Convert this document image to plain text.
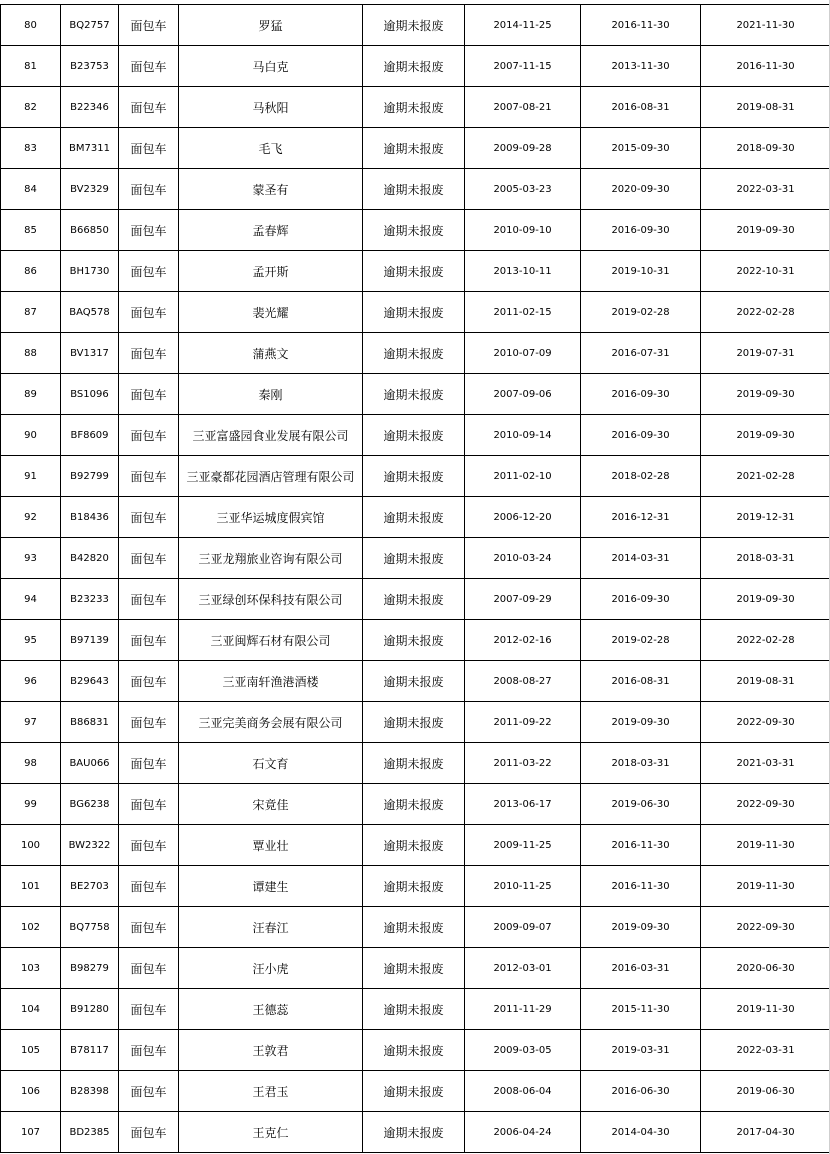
80	BQ2757	面包车	罗猛	逾期未报废	2014-11-25	2016-11-30	2021-11-30
81	B23753	面包车	马白克	逾期未报废	2007-11-15	2013-11-30	2016-11-30
82	B22346	面包车	马秋阳	逾期未报废	2007-08-21	2016-08-31	2019-08-31
83	BM7311	面包车	毛飞	逾期未报废	2009-09-28	2015-09-30	2018-09-30
84	BV2329	面包车	蒙圣有	逾期未报废	2005-03-23	2020-09-30	2022-03-31
85	B66850	面包车	孟春辉	逾期未报废	2010-09-10	2016-09-30	2019-09-30
86	BH1730	面包车	孟开斯	逾期未报废	2013-10-11	2019-10-31	2022-10-31
87	BAQ578	面包车	裴光耀	逾期未报废	2011-02-15	2019-02-28	2022-02-28
88	BV1317	面包车	蒲燕文	逾期未报废	2010-07-09	2016-07-31	2019-07-31
89	BS1096	面包车	秦刚	逾期未报废	2007-09-06	2016-09-30	2019-09-30
90	BF8609	面包车	三亚富盛园食业发展有限公司	逾期未报废	2010-09-14	2016-09-30	2019-09-30
91	B92799	面包车	三亚豪都花园酒店管理有限公司	逾期未报废	2011-02-10	2018-02-28	2021-02-28
92	B18436	面包车	三亚华运城度假宾馆	逾期未报废	2006-12-20	2016-12-31	2019-12-31
93	B42820	面包车	三亚龙翔旅业咨询有限公司	逾期未报废	2010-03-24	2014-03-31	2018-03-31
94	B23233	面包车	三亚绿创环保科技有限公司	逾期未报废	2007-09-29	2016-09-30	2019-09-30
95	B97139	面包车	三亚闽辉石材有限公司	逾期未报废	2012-02-16	2019-02-28	2022-02-28
96	B29643	面包车	三亚南轩渔港酒楼	逾期未报废	2008-08-27	2016-08-31	2019-08-31
97	B86831	面包车	三亚完美商务会展有限公司	逾期未报废	2011-09-22	2019-09-30	2022-09-30
98	BAU066	面包车	石文育	逾期未报废	2011-03-22	2018-03-31	2021-03-31
99	BG6238	面包车	宋竟佳	逾期未报废	2013-06-17	2019-06-30	2022-09-30
100	BW2322	面包车	覃业壮	逾期未报废	2009-11-25	2016-11-30	2019-11-30
101	BE2703	面包车	谭建生	逾期未报废	2010-11-25	2016-11-30	2019-11-30
102	BQ7758	面包车	汪春江	逾期未报废	2009-09-07	2019-09-30	2022-09-30
103	B98279	面包车	汪小虎	逾期未报废	2012-03-01	2016-03-31	2020-06-30
104	B91280	面包车	王德蕊	逾期未报废	2011-11-29	2015-11-30	2019-11-30
105	B78117	面包车	王敦君	逾期未报废	2009-03-05	2019-03-31	2022-03-31
106	B28398	面包车	王君玉	逾期未报废	2008-06-04	2016-06-30	2019-06-30
107	BD2385	面包车	王克仁	逾期未报废	2006-04-24	2014-04-30	2017-04-30
